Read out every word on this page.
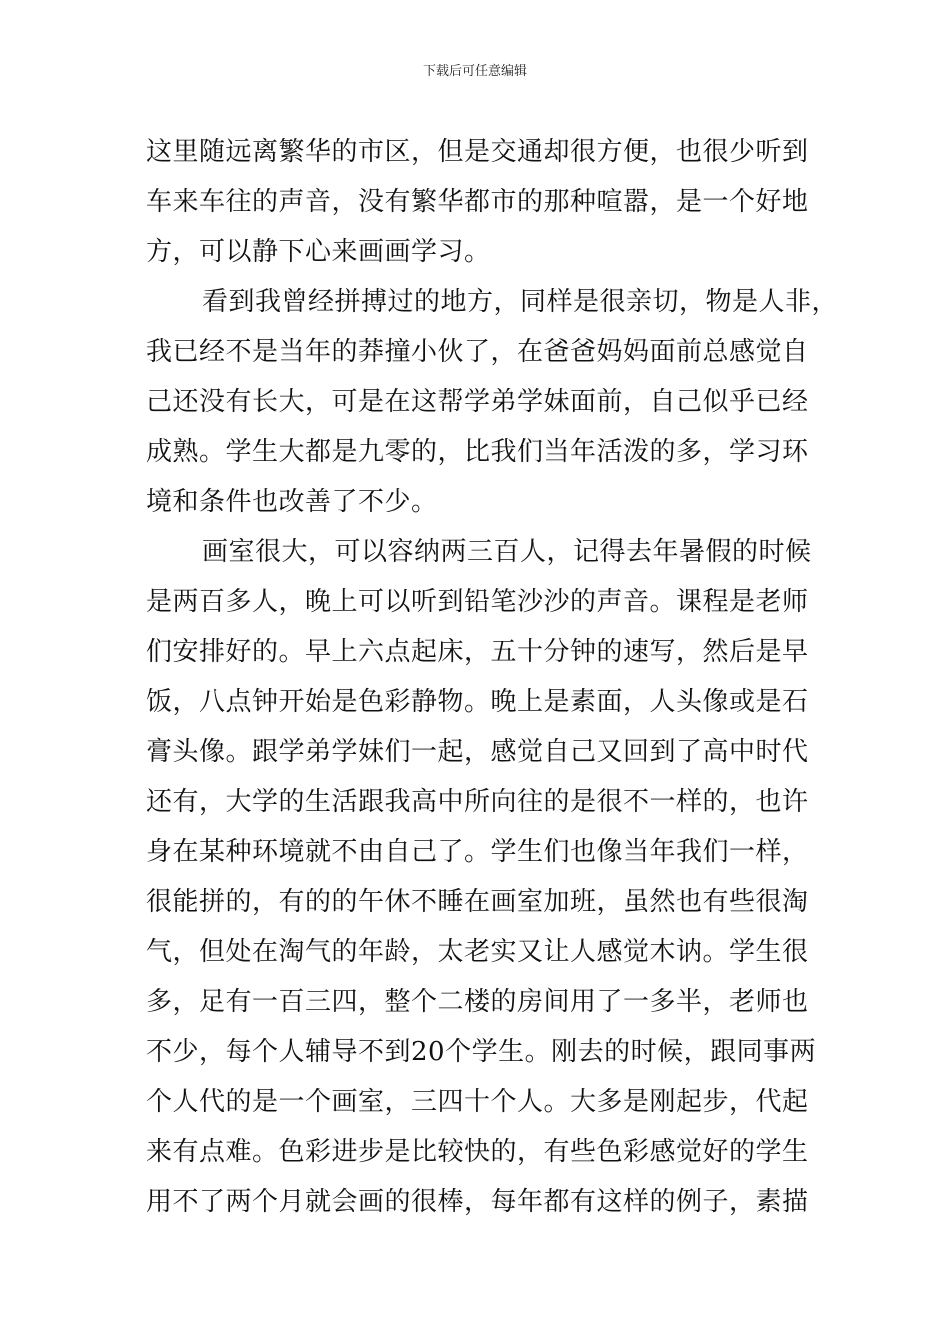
下载后可任意编辑
这里随远离繁华的市区，但是交通却很方便，也很少听到
车来车往的声音，没有繁华都市的那种喧嚣，是一个好地
方，可以静下心来画画学习。
看到我曾经拼搏过的地方，同样是很亲切，物是人非，
我已经不是当年的莽撞小伙了，在爸爸妈妈面前总感觉自
己还没有长大，可是在这帮学弟学妹面前，自己似乎已经
成熟。学生大都是九零的，比我们当年活泼的多，学习环
境和条件也改善了不少。
画室很大，可以容纳两三百人，记得去年暑假的时候
是两百多人，晚上可以听到铅笔沙沙的声音。课程是老师
们安排好的。早上六点起床，五十分钟的速写，然后是早
饭，八点钟开始是色彩静物。晚上是素面，人头像或是石
膏头像。跟学弟学妹们一起，感觉自己又回到了高中时代
还有，大学的生活跟我高中所向往的是很不一样的，也许
身在某种环境就不由自己了。学生们也像当年我们一样，
很能拼的，有的的午休不睡在画室加班，虽然也有些很淘
气，但处在淘气的年龄，太老实又让人感觉木讷。学生很
多，足有一百三四，整个二楼的房间用了一多半，老师也
不少，每个人辅导不到20个学生。刚去的时候，跟同事两
个人代的是一个画室，三四十个人。大多是刚起步，代起
来有点难。色彩进步是比较快的，有些色彩感觉好的学生
用不了两个月就会画的很棒，每年都有这样的例子，素描
